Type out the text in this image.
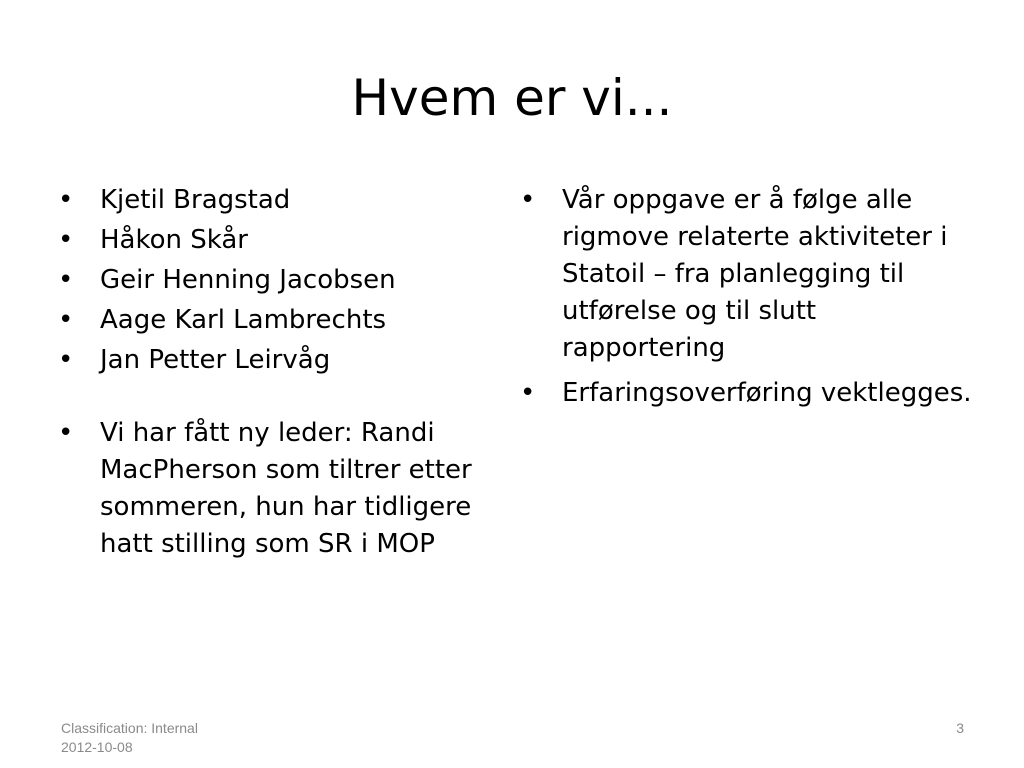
Hvem er vi...
•	Kjetil Bragstad
•	Håkon Skår
•	Geir Henning Jacobsen
•	Aage Karl Lambrechts
•	Jan Petter Leirvåg
•	Vi har fått ny leder: Randi MacPherson som tiltrer etter sommeren, hun har tidligere hatt stilling som SR i MOP
•	Vår oppgave er å følge alle rigmove relaterte aktiviteter i Statoil – fra planlegging til utførelse og til slutt rapportering
•	Erfaringsoverføring vektlegges.
Classification: Internal
2012-10-08
3
